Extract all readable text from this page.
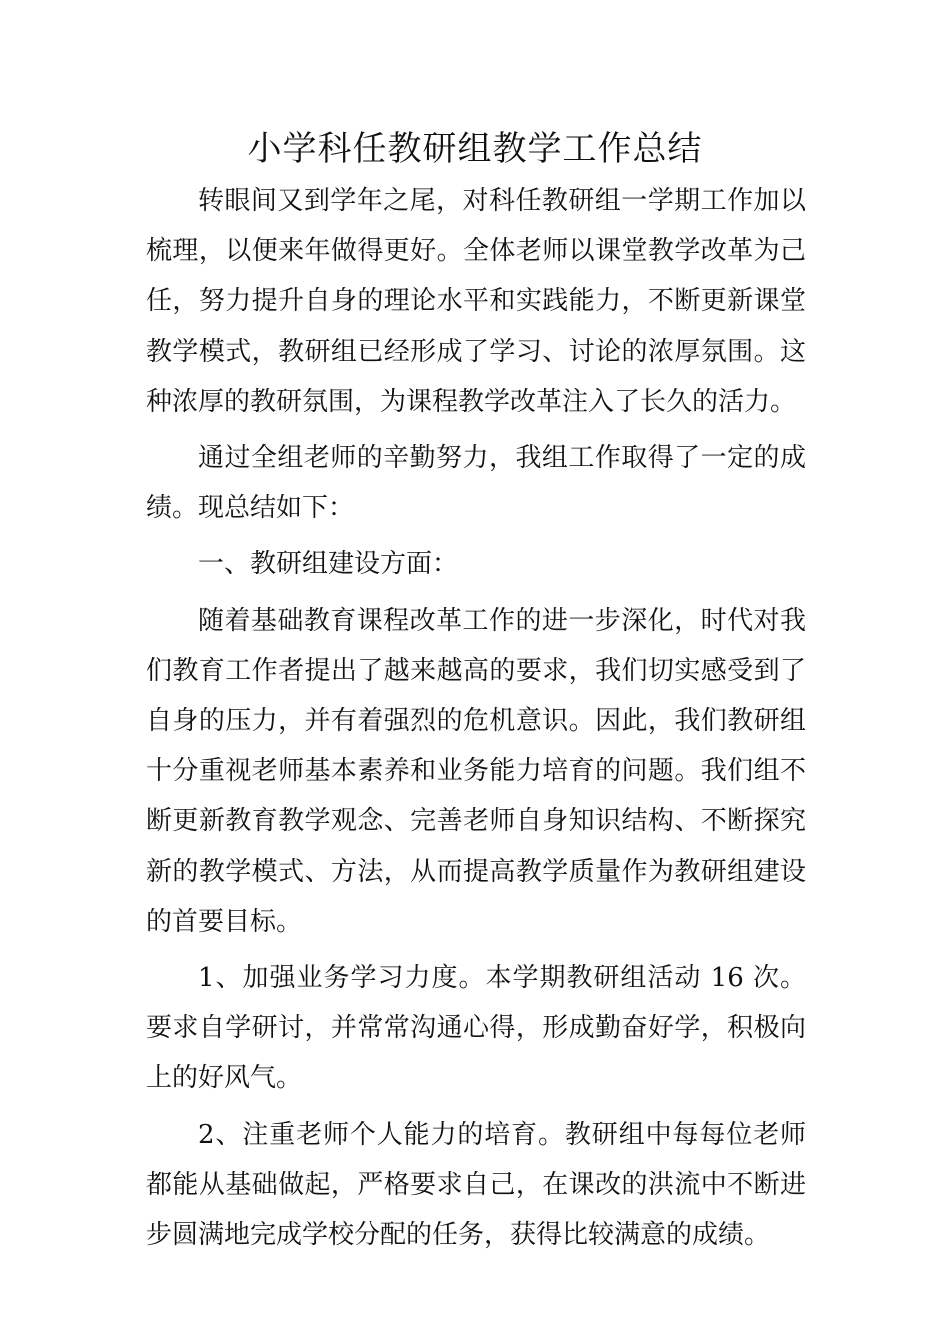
小学科任教研组教学工作总结

转眼间又到学年之尾，对科任教研组一学期工作加以梳理，以便来年做得更好。全体老师以课堂教学改革为己任，努力提升自身的理论水平和实践能力，不断更新课堂教学模式，教研组已经形成了学习、讨论的浓厚氛围。这种浓厚的教研氛围，为课程教学改革注入了长久的活力。

通过全组老师的辛勤努力，我组工作取得了一定的成绩。现总结如下：

一、教研组建设方面：

随着基础教育课程改革工作的进一步深化，时代对我们教育工作者提出了越来越高的要求，我们切实感受到了自身的压力，并有着强烈的危机意识。因此，我们教研组十分重视老师基本素养和业务能力培育的问题。我们组不断更新教育教学观念、完善老师自身知识结构、不断探究新的教学模式、方法，从而提高教学质量作为教研组建设的首要目标。

1、加强业务学习力度。本学期教研组活动 16 次。要求自学研讨，并常常沟通心得，形成勤奋好学，积极向上的好风气。

2、注重老师个人能力的培育。教研组中每每位老师都能从基础做起，严格要求自己，在课改的洪流中不断进步圆满地完成学校分配的任务，获得比较满意的成绩。
